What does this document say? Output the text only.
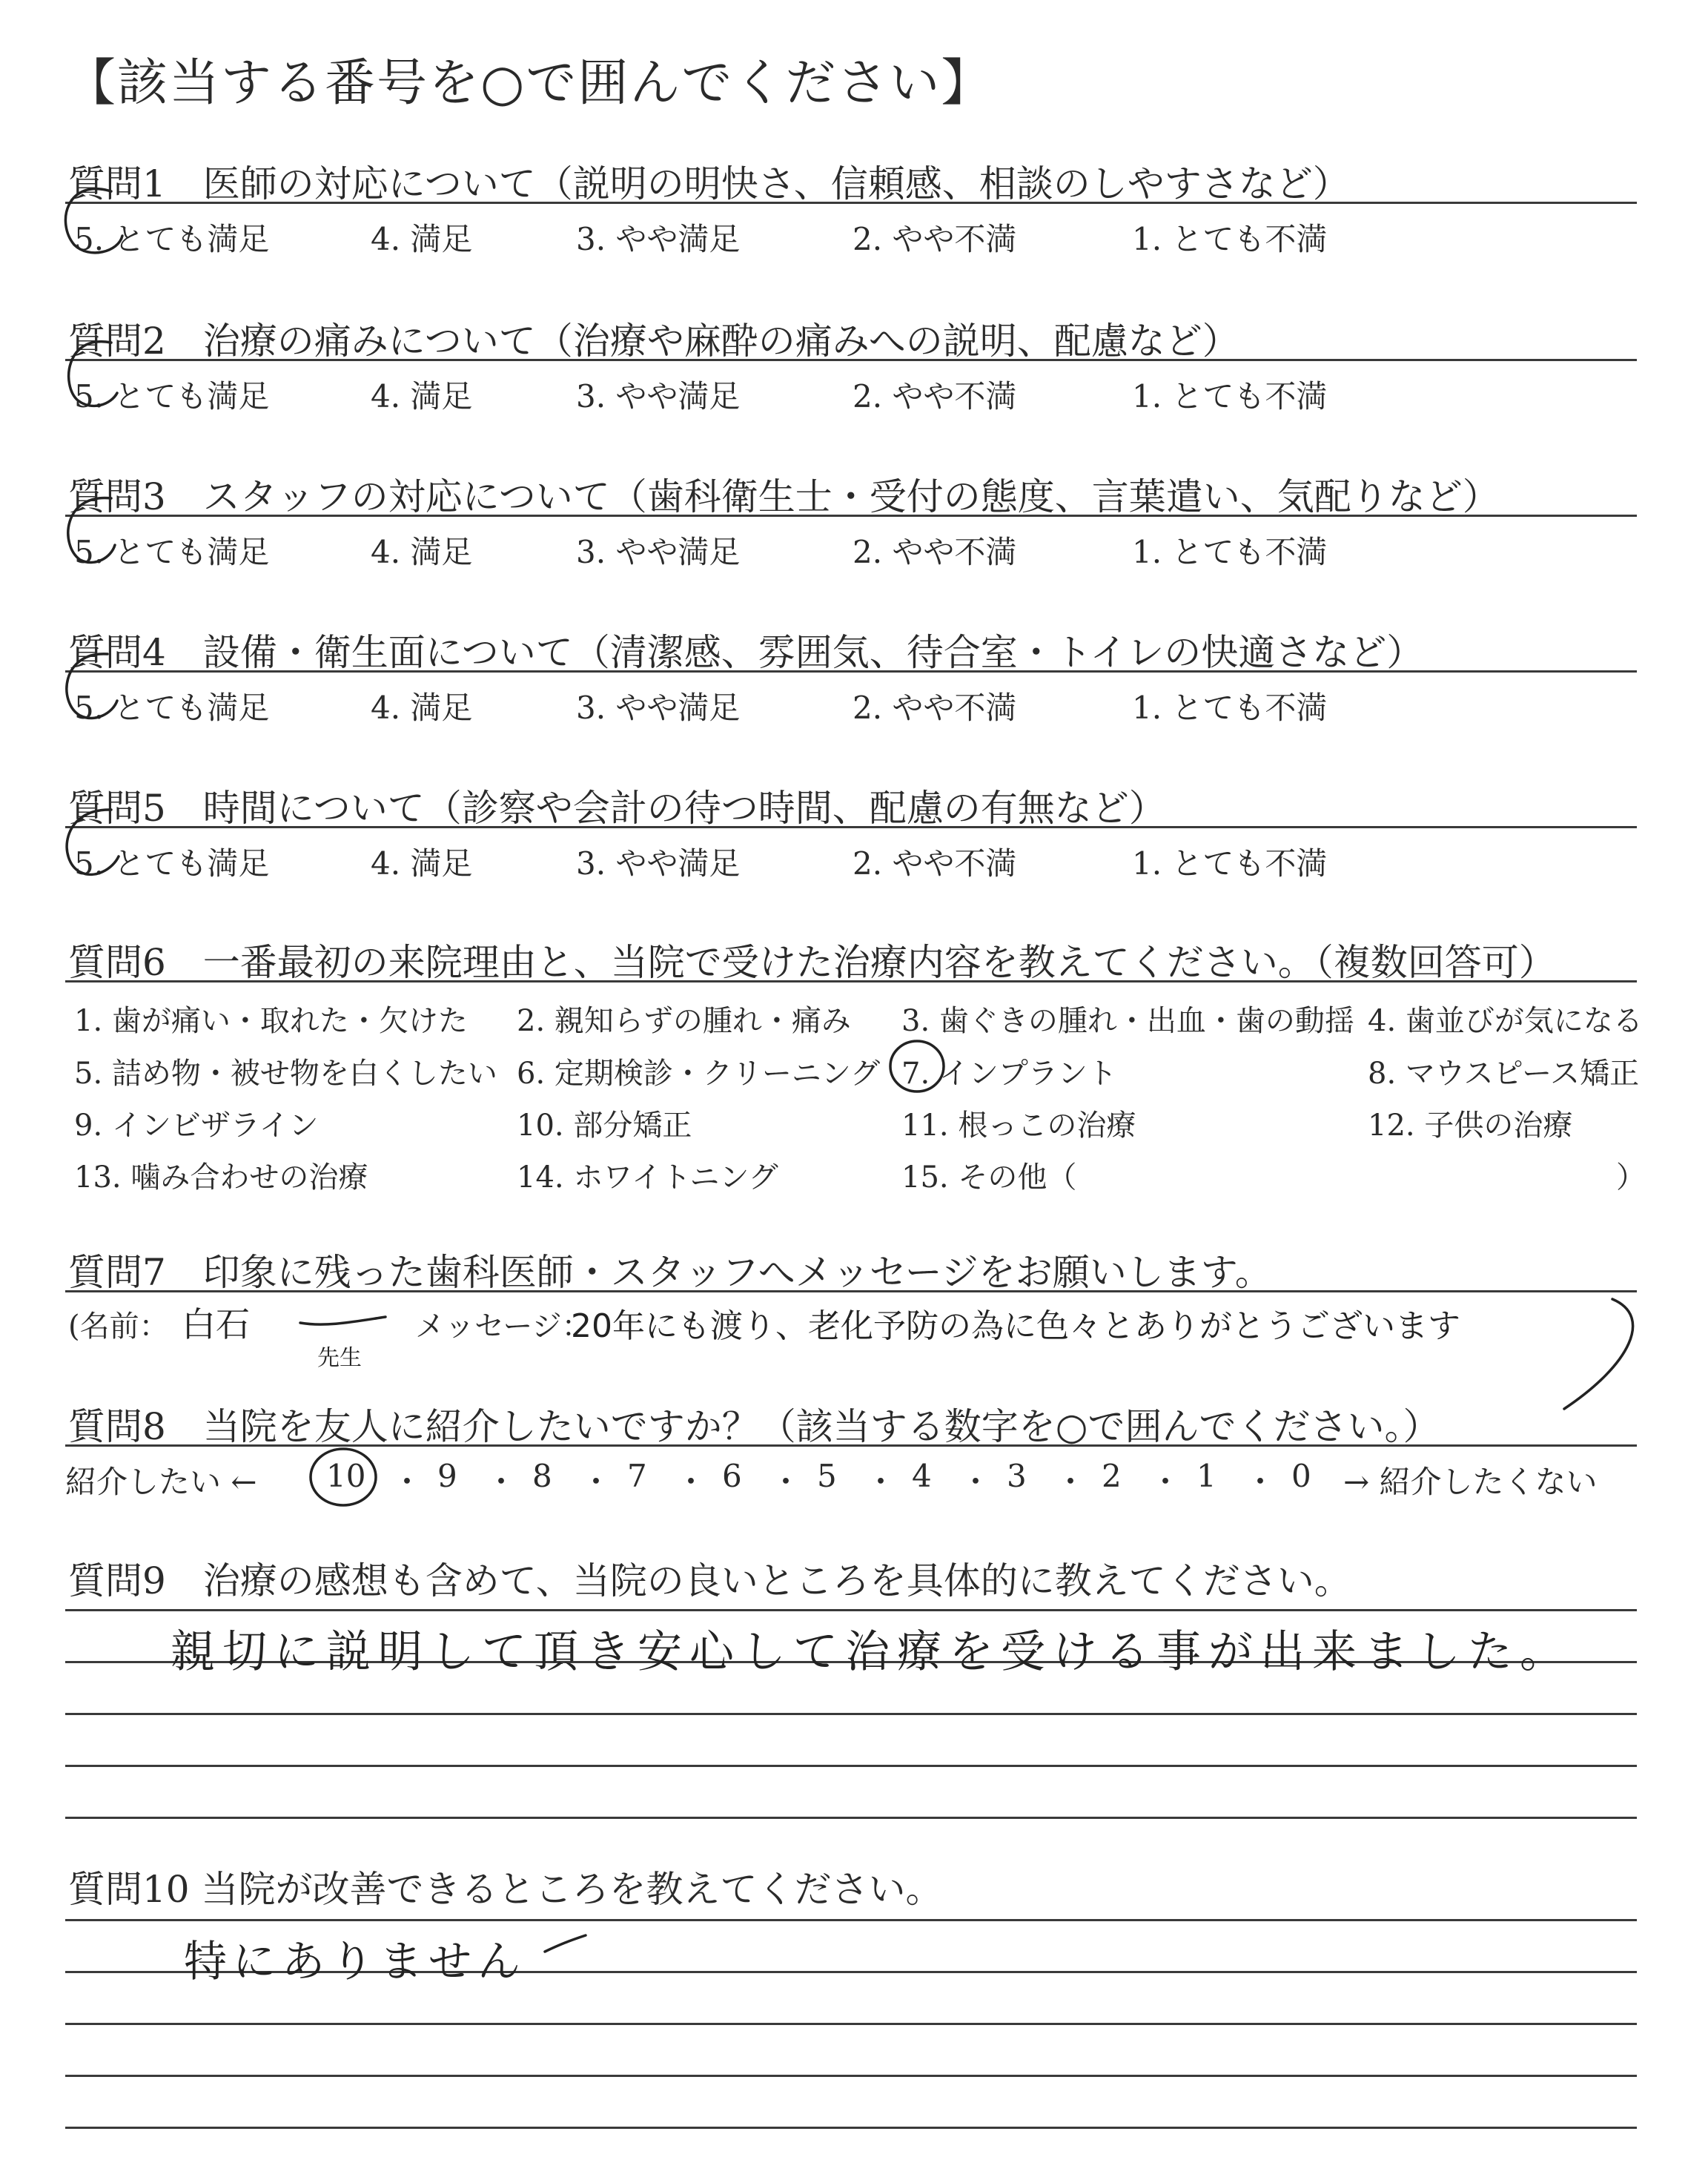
【該当する番号を○で囲んでください】
質問1　医師の対応について（説明の明快さ、信頼感、相談のしやすさなど）
5. とても満足	4. 満足	3. やや満足	2. やや不満	1. とても不満
質問2　治療の痛みについて（治療や麻酔の痛みへの説明、配慮など）
5. とても満足	4. 満足	3. やや満足	2. やや不満	1. とても不満
質問3　スタッフの対応について（歯科衛生士・受付の態度、言葉遣い、気配りなど）
5. とても満足	4. 満足	3. やや満足	2. やや不満	1. とても不満
質問4　設備・衛生面について（清潔感、雰囲気、待合室・トイレの快適さなど）
5. とても満足	4. 満足	3. やや満足	2. やや不満	1. とても不満
質問5　時間について（診察や会計の待つ時間、配慮の有無など）
5. とても満足	4. 満足	3. やや満足	2. やや不満	1. とても不満
質問6　一番最初の来院理由と、当院で受けた治療内容を教えてください。（複数回答可）
1. 歯が痛い・取れた・欠けた 2. 親知らずの腫れ・痛み 3. 歯ぐきの腫れ・出血・歯の動揺 4. 歯並びが気になる
5. 詰め物・被せ物を白くしたい 6. 定期検診・クリーニング 7. インプラント	8. マウスピース矯正
9. インビザライン	10. 部分矯正	11. 根っこの治療	12. 子供の治療
13. 噛み合わせの治療	14. ホワイトニング	15. その他（	）
質問7　印象に残った歯科医師・スタッフへメッセージをお願いします。
(名前：	メッセージ：
白石
先生
20年にも渡り、老化予防の為に色々とありがとうございます
質問8　当院を友人に紹介したいですか？（該当する数字を○で囲んでください。）
紹介したい ← 10 ・ 9 ・ 8 ・ 7 ・ 6 ・ 5 ・ 4 ・ 3 ・ 2 ・ 1 ・ 0 → 紹介したくない
質問9　治療の感想も含めて、当院の良いところを具体的に教えてください。
親切に説明して頂き安心して治療を受ける事が出来ました。
質問10 当院が改善できるところを教えてください。
特にありません
